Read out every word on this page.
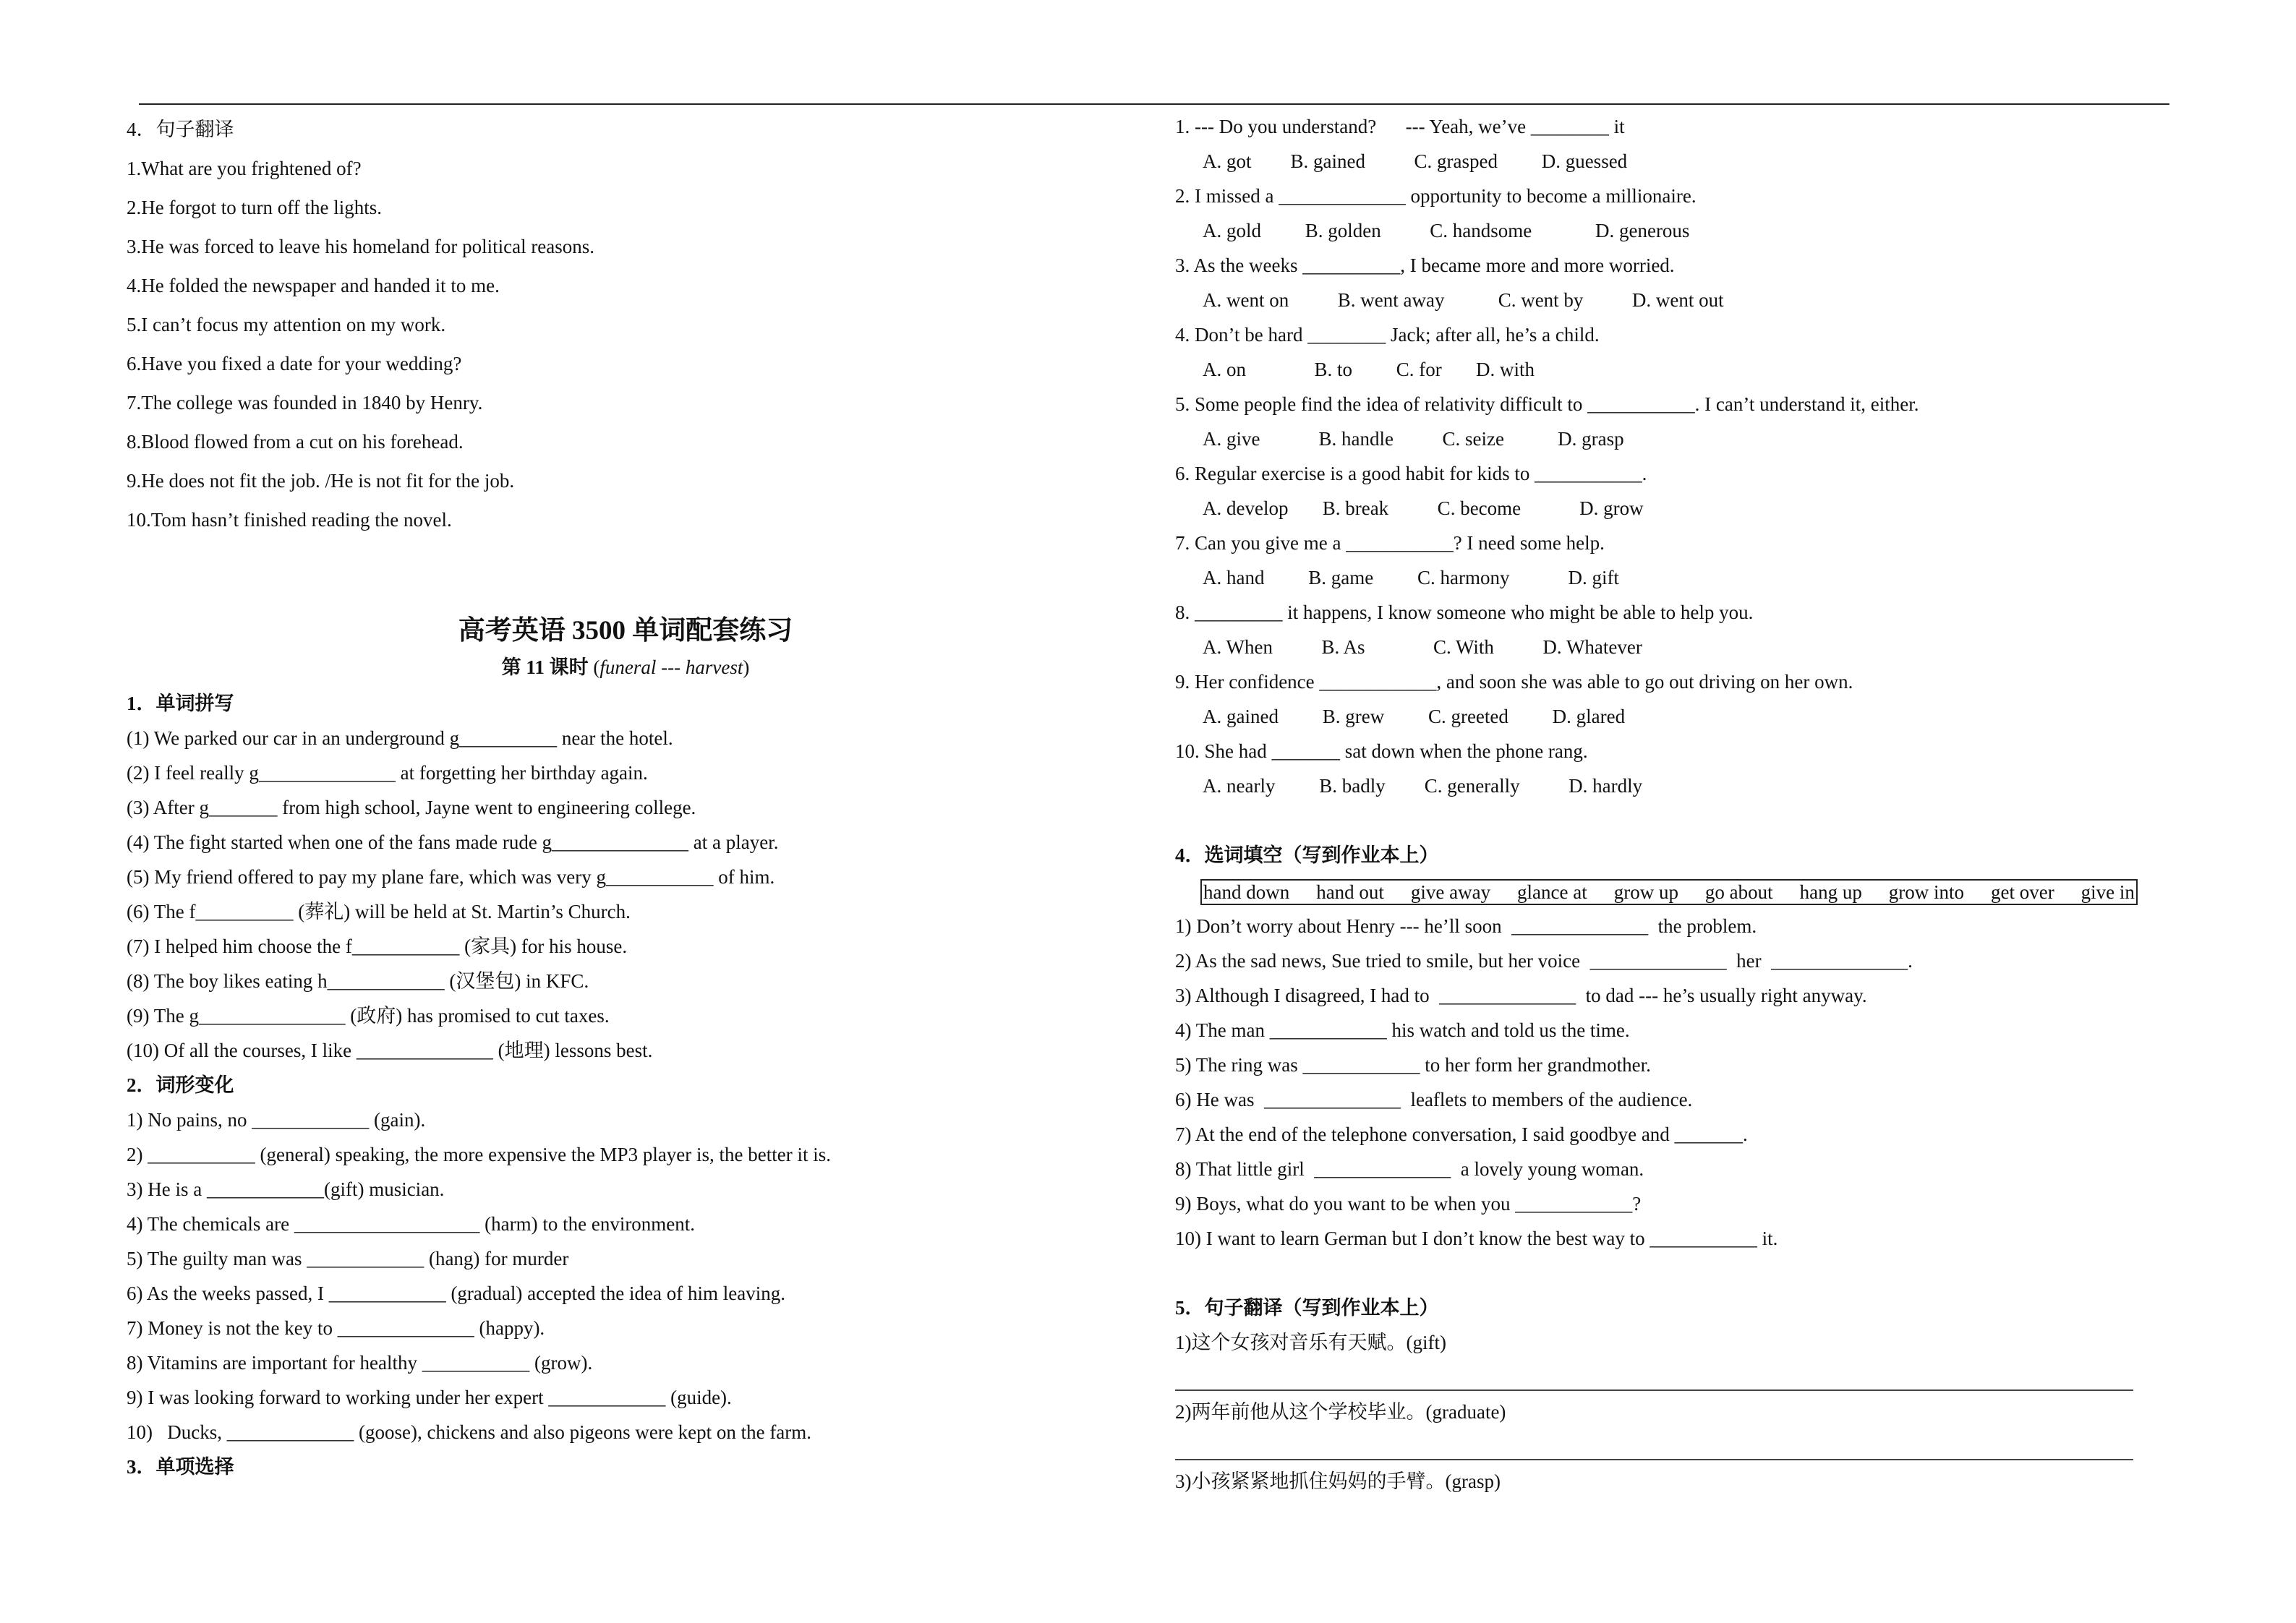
4．句子翻译
1.What are you frightened of?
2.He forgot to turn off the lights.
3.He was forced to leave his homeland for political reasons.
4.He folded the newspaper and handed it to me.
5.I can’t focus my attention on my work.
6.Have you fixed a date for your wedding?
7.The college was founded in 1840 by Henry.
8.Blood flowed from a cut on his forehead.
9.He does not fit the job. /He is not fit for the job.
10.Tom hasn’t finished reading the novel.
高考英语 3500 单词配套练习
第 11 课时 (funeral --- harvest)
1．单词拼写
(1) We parked our car in an underground g__________ near the hotel.
(2) I feel really g______________ at forgetting her birthday again.
(3) After g_______ from high school, Jayne went to engineering college.
(4) The fight started when one of the fans made rude g______________ at a player.
(5) My friend offered to pay my plane fare, which was very g___________ of him.
(6) The f__________ (葬礼) will be held at St. Martin’s Church.
(7) I helped him choose the f___________ (家具) for his house.
(8) The boy likes eating h____________ (汉堡包) in KFC.
(9) The g_______________ (政府) has promised to cut taxes.
(10) Of all the courses, I like ______________ (地理) lessons best.
2．词形变化
1) No pains, no ____________ (gain).
2) ___________ (general) speaking, the more expensive the MP3 player is, the better it is.
3) He is a ____________(gift) musician.
4) The chemicals are ___________________ (harm) to the environment.
5) The guilty man was ____________ (hang) for murder
6) As the weeks passed, I ____________ (gradual) accepted the idea of him leaving.
7) Money is not the key to ______________ (happy).
8) Vitamins are important for healthy ___________ (grow).
9) I was looking forward to working under her expert ____________ (guide).
10)   Ducks, _____________ (goose), chickens and also pigeons were kept on the farm.
3．单项选择
1. --- Do you understand?      --- Yeah, we’ve ________ it
A. got        B. gained          C. grasped         D. guessed
2. I missed a _____________ opportunity to become a millionaire.
A. gold         B. golden          C. handsome             D. generous
3. As the weeks __________, I became more and more worried.
A. went on          B. went away           C. went by          D. went out
4. Don’t be hard ________ Jack; after all, he’s a child.
A. on              B. to         C. for       D. with
5. Some people find the idea of relativity difficult to ___________. I can’t understand it, either.
A. give            B. handle          C. seize           D. grasp
6. Regular exercise is a good habit for kids to ___________.
A. develop       B. break          C. become            D. grow
7. Can you give me a ___________? I need some help.
A. hand         B. game         C. harmony            D. gift
8. _________ it happens, I know someone who might be able to help you.
A. When          B. As              C. With          D. Whatever
9. Her confidence ____________, and soon she was able to go out driving on her own.
A. gained         B. grew         C. greeted         D. glared
10. She had _______ sat down when the phone rang.
A. nearly         B. badly        C. generally          D. hardly
4．选词填空（写到作业本上）
hand down hand out give away glance at grow up go about hang up grow into get over give in
1) Don’t worry about Henry --- he’ll soon  ______________  the problem.
2) As the sad news, Sue tried to smile, but her voice  ______________  her  ______________.
3) Although I disagreed, I had to  ______________  to dad --- he’s usually right anyway.
4) The man ____________ his watch and told us the time.
5) The ring was ____________ to her form her grandmother.
6) He was  ______________  leaflets to members of the audience.
7) At the end of the telephone conversation, I said goodbye and _______.
8) That little girl  ______________  a lovely young woman.
9) Boys, what do you want to be when you ____________?
10) I want to learn German but I don’t know the best way to ___________ it.
5．句子翻译（写到作业本上）
1)这个女孩对音乐有天赋。(gift)
2)两年前他从这个学校毕业。(graduate)
3)小孩紧紧地抓住妈妈的手臂。(grasp)
